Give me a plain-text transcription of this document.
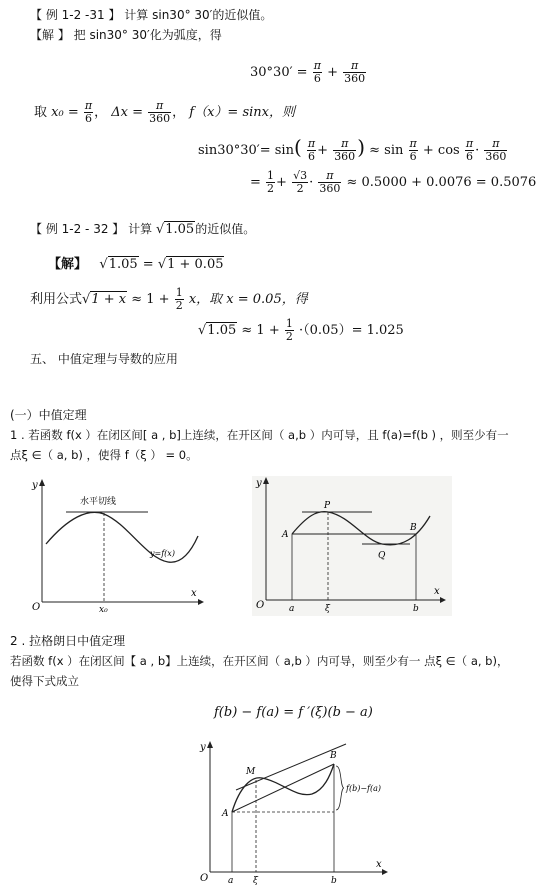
【 例 1-2 -31 】 计算 sin30° 30′的近似值。
【解 】 把 sin30° 30′化为弧度，得
$30^\circ 30' = \frac{\pi}{6} + \frac{\pi}{360}$
取 $x_0 = \frac{\pi}{6}$ ， $\Delta x = \frac{\pi}{360}$ ， f（x）= sinx，则
$\sin 30^\circ 30'= \sin( \frac{\pi}{6} + \frac{\pi}{360}$ ) ≈ $\sin \frac{\pi}{6} + \cos \frac{\pi}{6} \cdot \frac{\pi}{360}$
= $\frac{1}{2} + \frac{√3}{2} \cdot \frac{\pi}{360} \approx 0.5000 + 0.0076 = 0.5076$
【 例 1-2 - 32 】 计算 √1.05的近似值。
【解】   √1.05 = √1 + 0.05
利用公式$√1 + x \approx 1 + \frac{1}{2}$ x，取 x = 0.05，得
$√1.05 \approx 1 + \frac{1}{2} \cdot(0.05)= 1.025$
五、 中值定理与导数的应用
(一）中值定理
1 . 若函数 f(x ）在闭区间[ a , b]上连续，在开区间（ a,b ）内可导，且 f(a)=f(b ) ，则至少有一
点ξ ∈（ a, b) ，使得 f（ξ ） = 0。
y
O
x
x₀
水平切线
y=f(x)
y
O
x
a	ξ	b
A
B
P
Q
2 . 拉格朗日中值定理
若函数 f(x ）在闭区间【 a , b】上连续，在开区间（ a,b ）内可导，则至少有一 点ξ ∈（ a, b)，
使得下式成立
f(b) − f(a) = f ′(ξ)(b − a)
y
O
x
a ξ	b
A
B
M
f(b)−f(a)
